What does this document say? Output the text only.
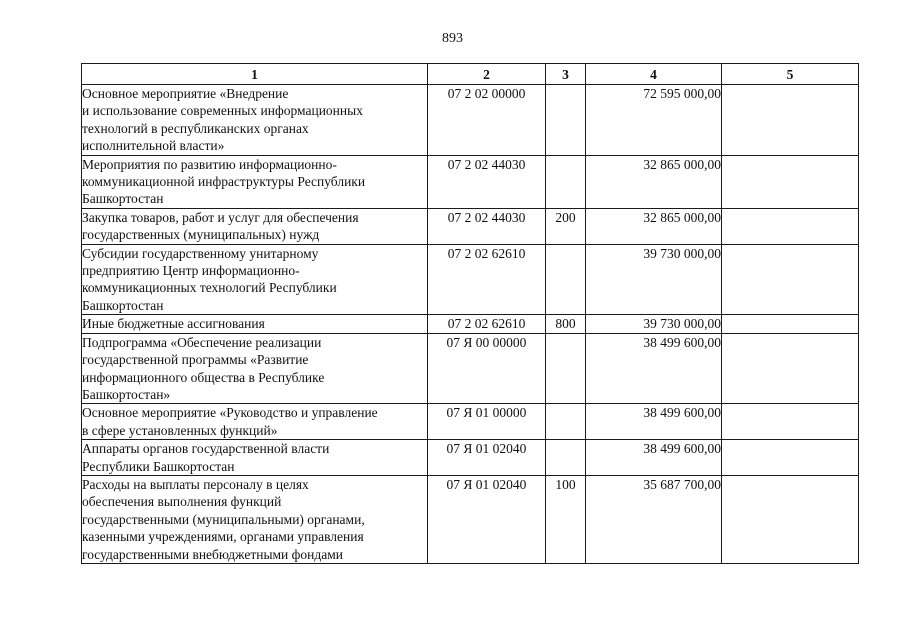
893
1	2	3	4	5
Основное мероприятие «Внедрение
и использование современных информационных
технологий в республиканских органах
исполнительной власти»	07 2 02 00000		72 595 000,00	
Мероприятия по развитию информационно-
коммуникационной инфраструктуры Республики
Башкортостан	07 2 02 44030		32 865 000,00	
Закупка товаров, работ и услуг для обеспечения
государственных (муниципальных) нужд	07 2 02 44030	200	32 865 000,00	
Субсидии государственному унитарному
предприятию Центр информационно-
коммуникационных технологий Республики
Башкортостан	07 2 02 62610		39 730 000,00	
Иные бюджетные ассигнования	07 2 02 62610	800	39 730 000,00	
Подпрограмма «Обеспечение реализации
государственной программы «Развитие
информационного общества в Республике
Башкортостан»	07 Я 00 00000		38 499 600,00	
Основное мероприятие «Руководство и управление
в сфере установленных функций»	07 Я 01 00000		38 499 600,00	
Аппараты органов государственной власти
Республики Башкортостан	07 Я 01 02040		38 499 600,00	
Расходы на выплаты персоналу в целях
обеспечения выполнения функций
государственными (муниципальными) органами,
казенными учреждениями, органами управления
государственными внебюджетными фондами	07 Я 01 02040	100	35 687 700,00	
